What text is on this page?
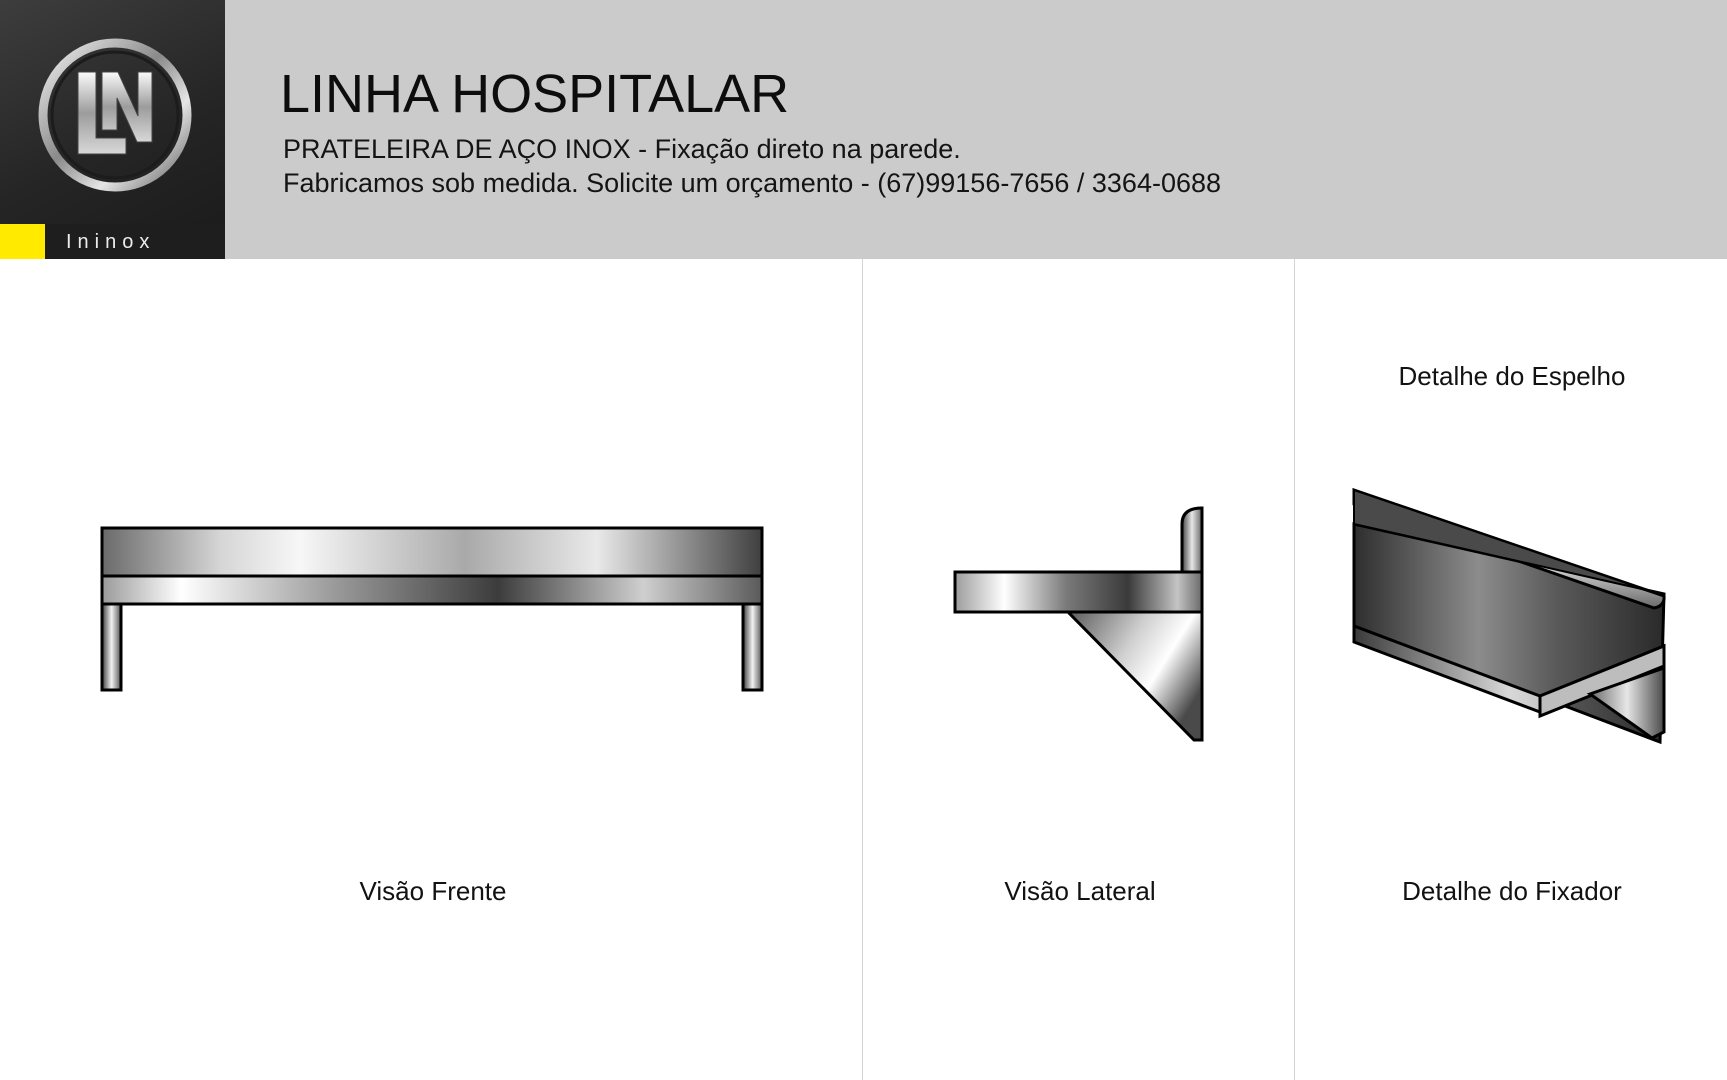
Ininox
LINHA HOSPITALAR

PRATELEIRA DE AÇO INOX - Fixação direto na parede.
Fabricamos sob medida. Solicite um orçamento - (67)99156-7656 / 3364-0688

Visão Frente	Visão Lateral
Detalhe do Espelho
Detalhe do Fixador
